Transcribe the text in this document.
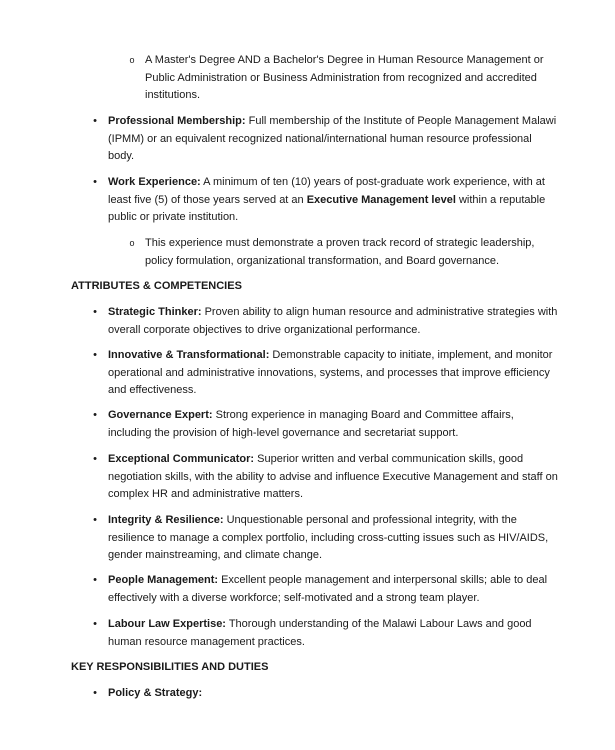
o A Master's Degree AND a Bachelor's Degree in Human Resource Management or Public Administration or Business Administration from recognized and accredited institutions.
• Professional Membership: Full membership of the Institute of People Management Malawi (IPMM) or an equivalent recognized national/international human resource professional body.
• Work Experience: A minimum of ten (10) years of post-graduate work experience, with at least five (5) of those years served at an Executive Management level within a reputable public or private institution.
o This experience must demonstrate a proven track record of strategic leadership, policy formulation, organizational transformation, and Board governance.
ATTRIBUTES & COMPETENCIES
• Strategic Thinker: Proven ability to align human resource and administrative strategies with overall corporate objectives to drive organizational performance.
• Innovative & Transformational: Demonstrable capacity to initiate, implement, and monitor operational and administrative innovations, systems, and processes that improve efficiency and effectiveness.
• Governance Expert: Strong experience in managing Board and Committee affairs, including the provision of high-level governance and secretariat support.
• Exceptional Communicator: Superior written and verbal communication skills, good negotiation skills, with the ability to advise and influence Executive Management and staff on complex HR and administrative matters.
• Integrity & Resilience: Unquestionable personal and professional integrity, with the resilience to manage a complex portfolio, including cross-cutting issues such as HIV/AIDS, gender mainstreaming, and climate change.
• People Management: Excellent people management and interpersonal skills; able to deal effectively with a diverse workforce; self-motivated and a strong team player.
• Labour Law Expertise: Thorough understanding of the Malawi Labour Laws and good human resource management practices.
KEY RESPONSIBILITIES AND DUTIES
• Policy & Strategy:
